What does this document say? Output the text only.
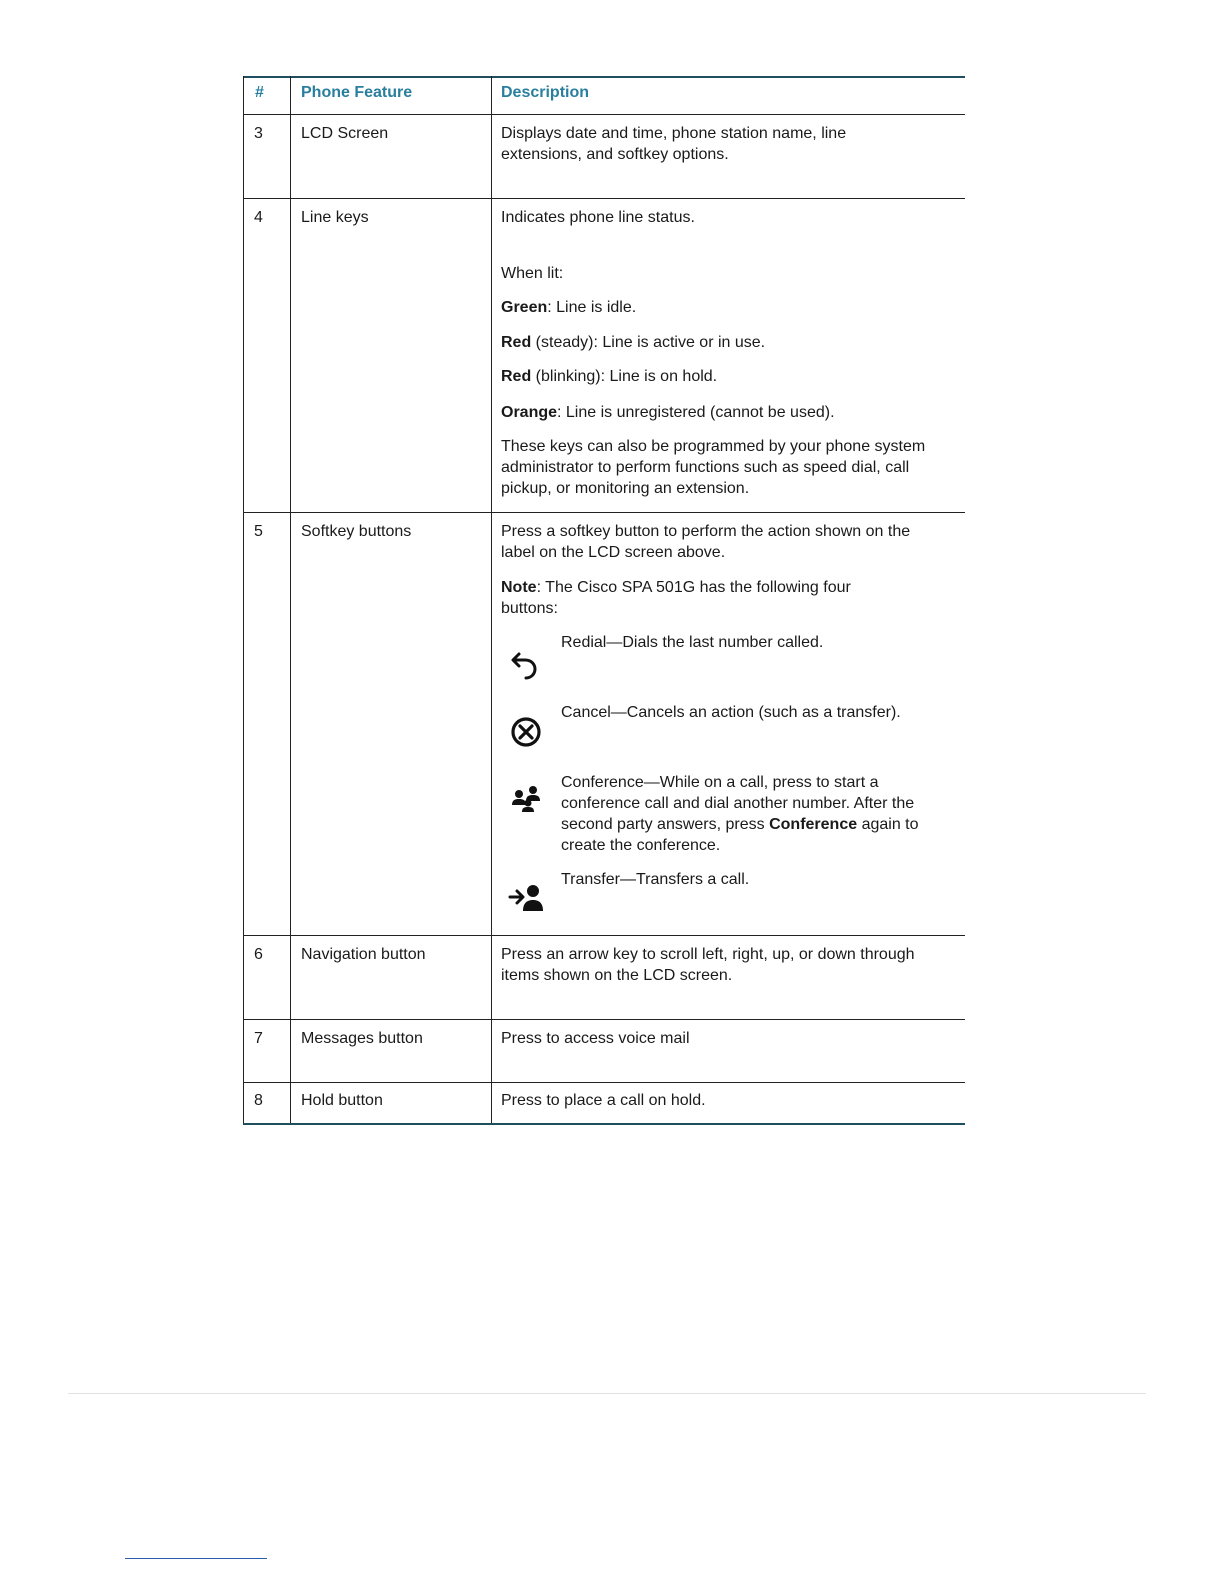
# Phone Feature	Description
3 LCD Screen	Displays date and time, phone station name, line extensions, and softkey options.
4 Line keys	Indicates phone line status.
When lit:
Green: Line is idle.
Red (steady): Line is active or in use.
Red (blinking): Line is on hold.
Orange: Line is unregistered (cannot be used).
These keys can also be programmed by your phone system administrator to perform functions such as speed dial, call pickup, or monitoring an extension.
5 Softkey buttons	Press a softkey button to perform the action shown on the label on the LCD screen above.
Note: The Cisco SPA 501G has the following four buttons:
Redial—Dials the last number called.
Cancel—Cancels an action (such as a transfer).
Conference—While on a call, press to start a conference call and dial another number. After the second party answers, press Conference again to create the conference.
Transfer—Transfers a call.
6 Navigation button	Press an arrow key to scroll left, right, up, or down through items shown on the LCD screen.
7 Messages button	Press to access voice mail
8 Hold button	Press to place a call on hold.
